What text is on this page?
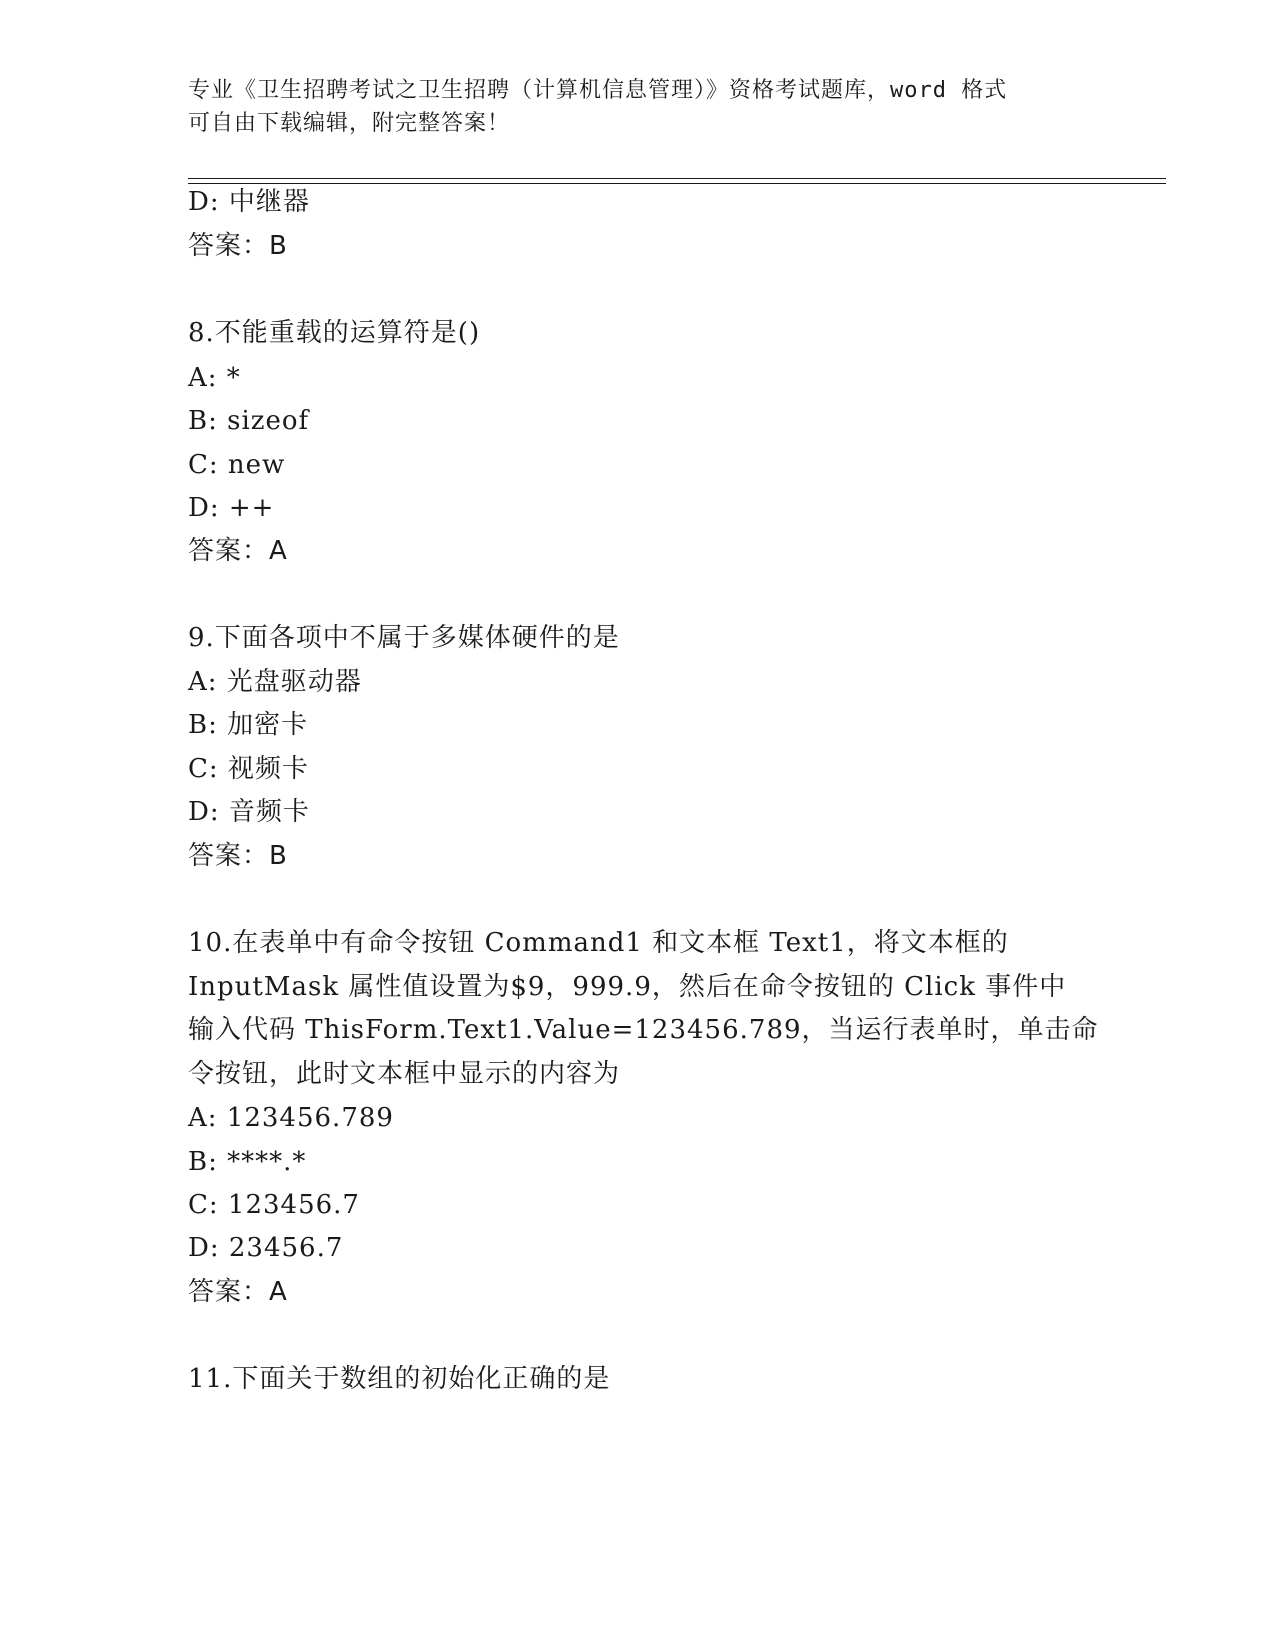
专业《卫生招聘考试之卫生招聘（计算机信息管理）》资格考试题库，word 格式
可自由下载编辑，附完整答案！
D: 中继器
答案：B
8.不能重载的运算符是()
A: *
B: sizeof
C: new
D: ++
答案：A
9.下面各项中不属于多媒体硬件的是
A: 光盘驱动器
B: 加密卡
C: 视频卡
D: 音频卡
答案：B
10.在表单中有命令按钮 Command1 和文本框 Text1，将文本框的
InputMask 属性值设置为$9，999.9，然后在命令按钮的 Click 事件中
输入代码 ThisForm.Text1.Value=123456.789，当运行表单时，单击命
令按钮，此时文本框中显示的内容为
A: 123456.789
B: ****.*
C: 123456.7
D: 23456.7
答案：A
11.下面关于数组的初始化正确的是
